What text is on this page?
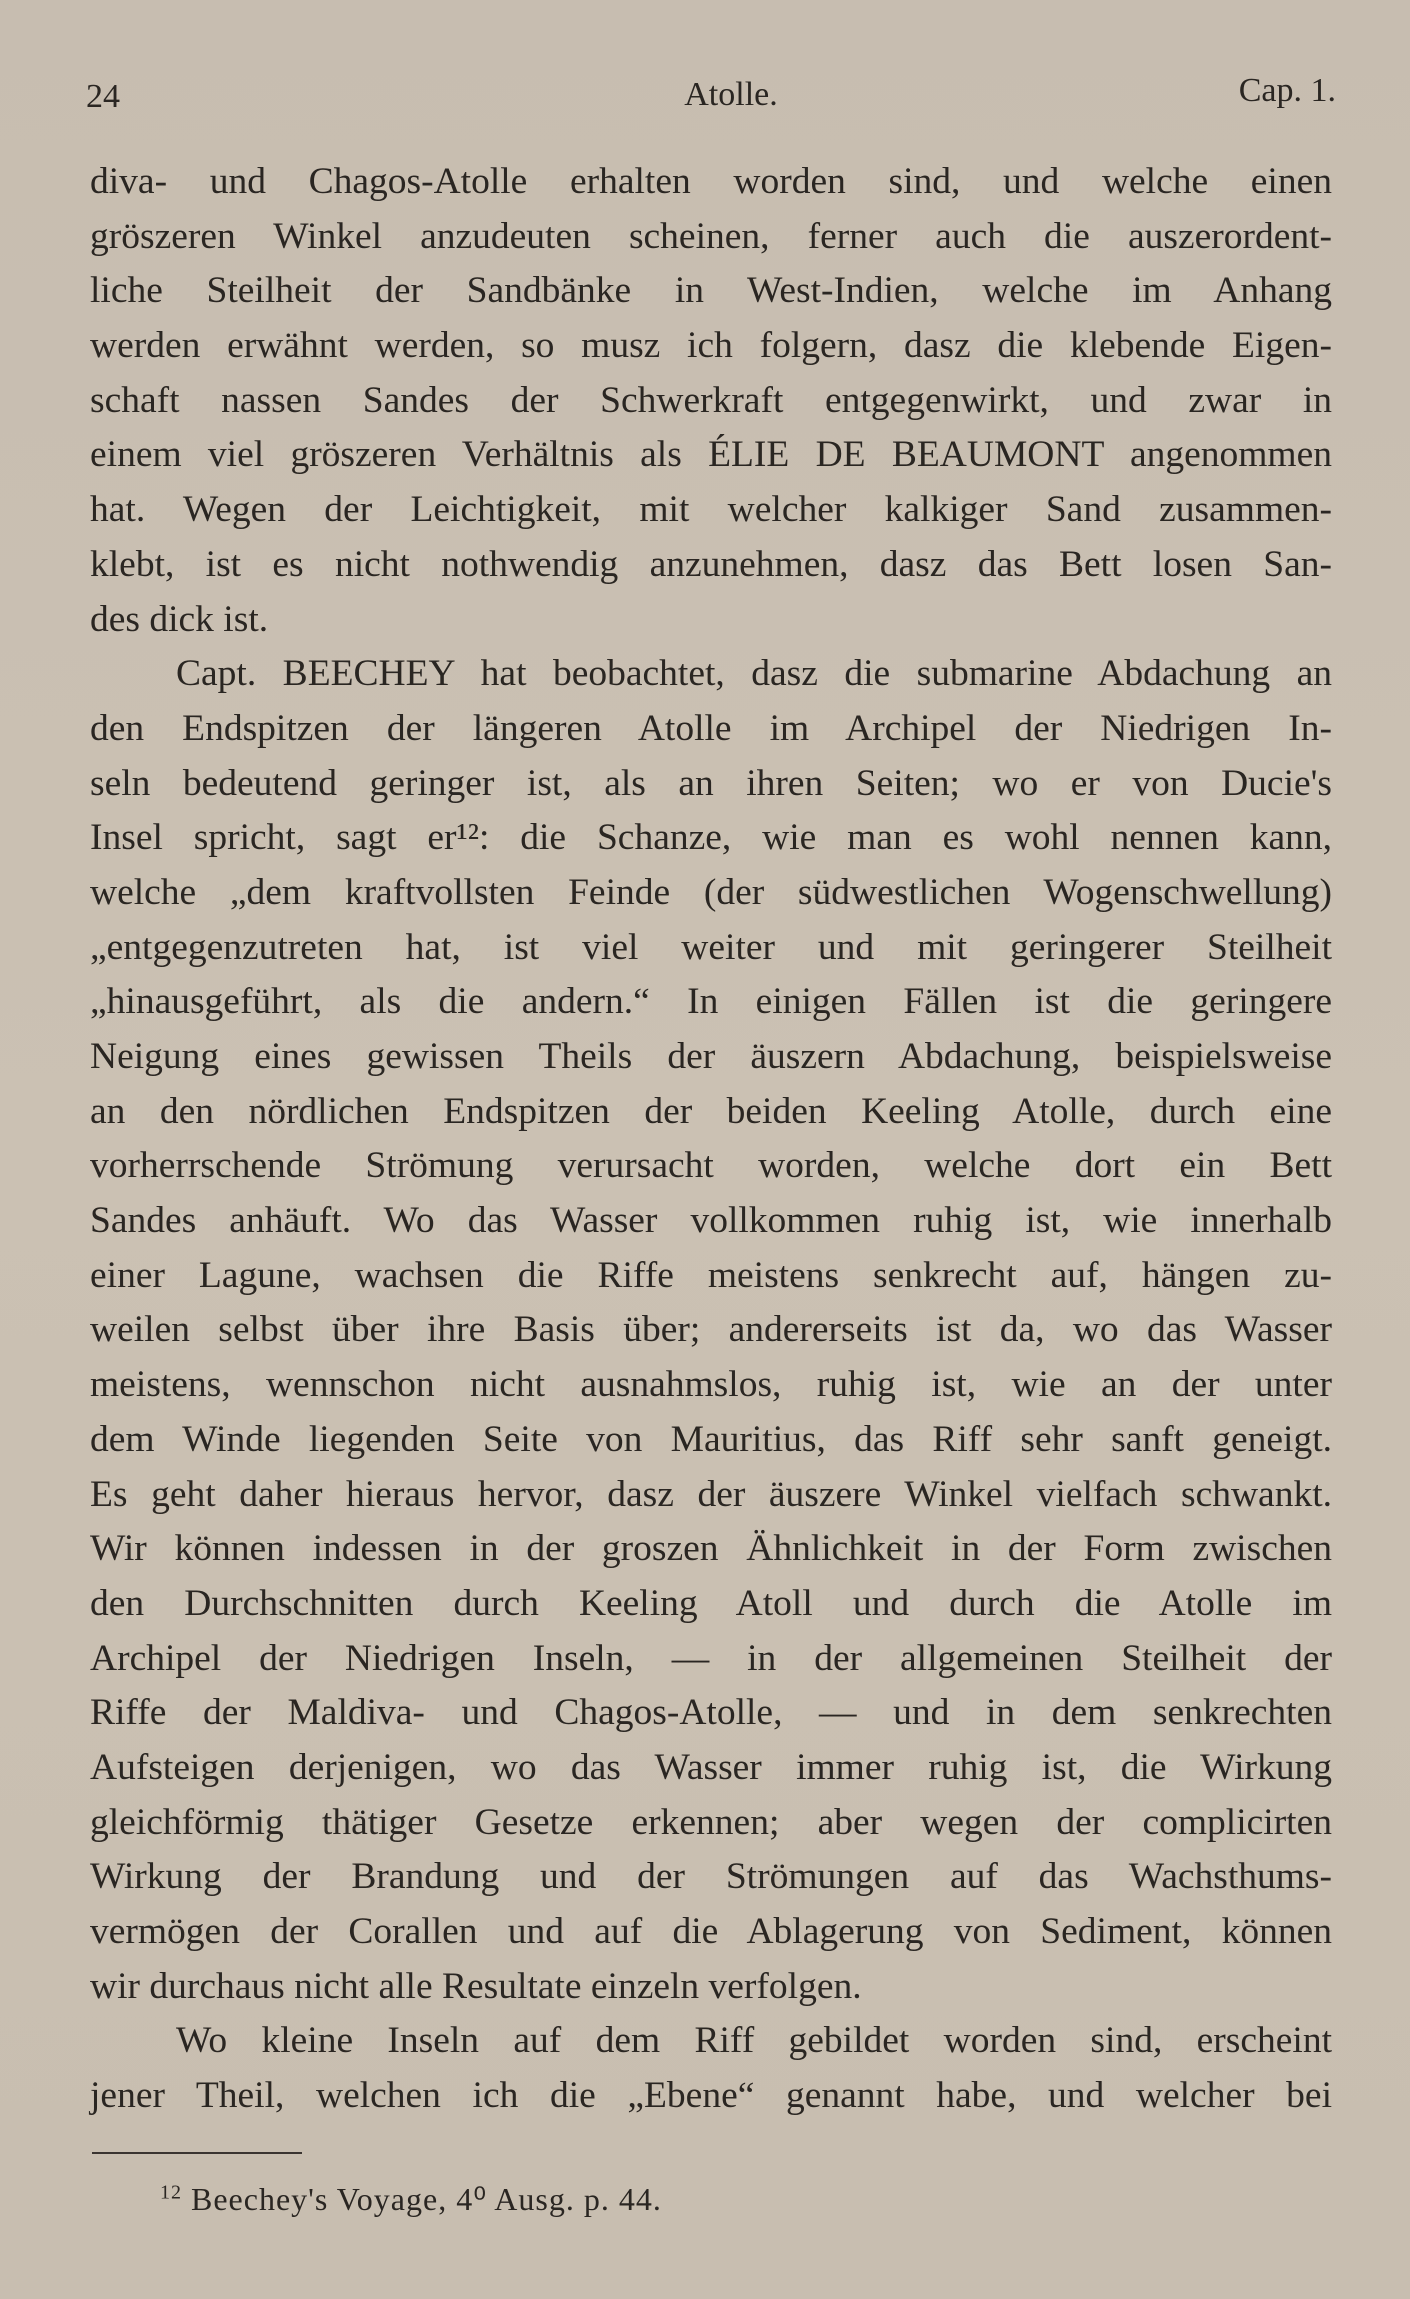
24	Atolle.	Cap. 1.
diva- und Chagos-Atolle erhalten worden sind, und welche einen
gröszeren Winkel anzudeuten scheinen, ferner auch die auszerordent-
liche Steilheit der Sandbänke in West-Indien, welche im Anhang
werden erwähnt werden, so musz ich folgern, dasz die klebende Eigen-
schaft nassen Sandes der Schwerkraft entgegenwirkt, und zwar in
einem viel gröszeren Verhältnis als ÉLIE DE BEAUMONT angenommen
hat. Wegen der Leichtigkeit, mit welcher kalkiger Sand zusammen-
klebt, ist es nicht nothwendig anzunehmen, dasz das Bett losen San-
des dick ist.
Capt. BEECHEY hat beobachtet, dasz die submarine Abdachung an
den Endspitzen der längeren Atolle im Archipel der Niedrigen In-
seln bedeutend geringer ist, als an ihren Seiten; wo er von Ducie's
Insel spricht, sagt er¹²: die Schanze, wie man es wohl nennen kann,
welche „dem kraftvollsten Feinde (der südwestlichen Wogenschwellung)
„entgegenzutreten hat, ist viel weiter und mit geringerer Steilheit
„hinausgeführt, als die andern.“ In einigen Fällen ist die geringere
Neigung eines gewissen Theils der äuszern Abdachung, beispielsweise
an den nördlichen Endspitzen der beiden Keeling Atolle, durch eine
vorherrschende Strömung verursacht worden, welche dort ein Bett
Sandes anhäuft. Wo das Wasser vollkommen ruhig ist, wie innerhalb
einer Lagune, wachsen die Riffe meistens senkrecht auf, hängen zu-
weilen selbst über ihre Basis über; andererseits ist da, wo das Wasser
meistens, wennschon nicht ausnahmslos, ruhig ist, wie an der unter
dem Winde liegenden Seite von Mauritius, das Riff sehr sanft geneigt.
Es geht daher hieraus hervor, dasz der äuszere Winkel vielfach schwankt.
Wir können indessen in der groszen Ähnlichkeit in der Form zwischen
den Durchschnitten durch Keeling Atoll und durch die Atolle im
Archipel der Niedrigen Inseln, — in der allgemeinen Steilheit der
Riffe der Maldiva- und Chagos-Atolle, — und in dem senkrechten
Aufsteigen derjenigen, wo das Wasser immer ruhig ist, die Wirkung
gleichförmig thätiger Gesetze erkennen; aber wegen der complicirten
Wirkung der Brandung und der Strömungen auf das Wachsthums-
vermögen der Corallen und auf die Ablagerung von Sediment, können
wir durchaus nicht alle Resultate einzeln verfolgen.
Wo kleine Inseln auf dem Riff gebildet worden sind, erscheint
jener Theil, welchen ich die „Ebene“ genannt habe, und welcher bei
$^{12}$ Beechey's Voyage, 4⁰ Ausg. p. 44.
